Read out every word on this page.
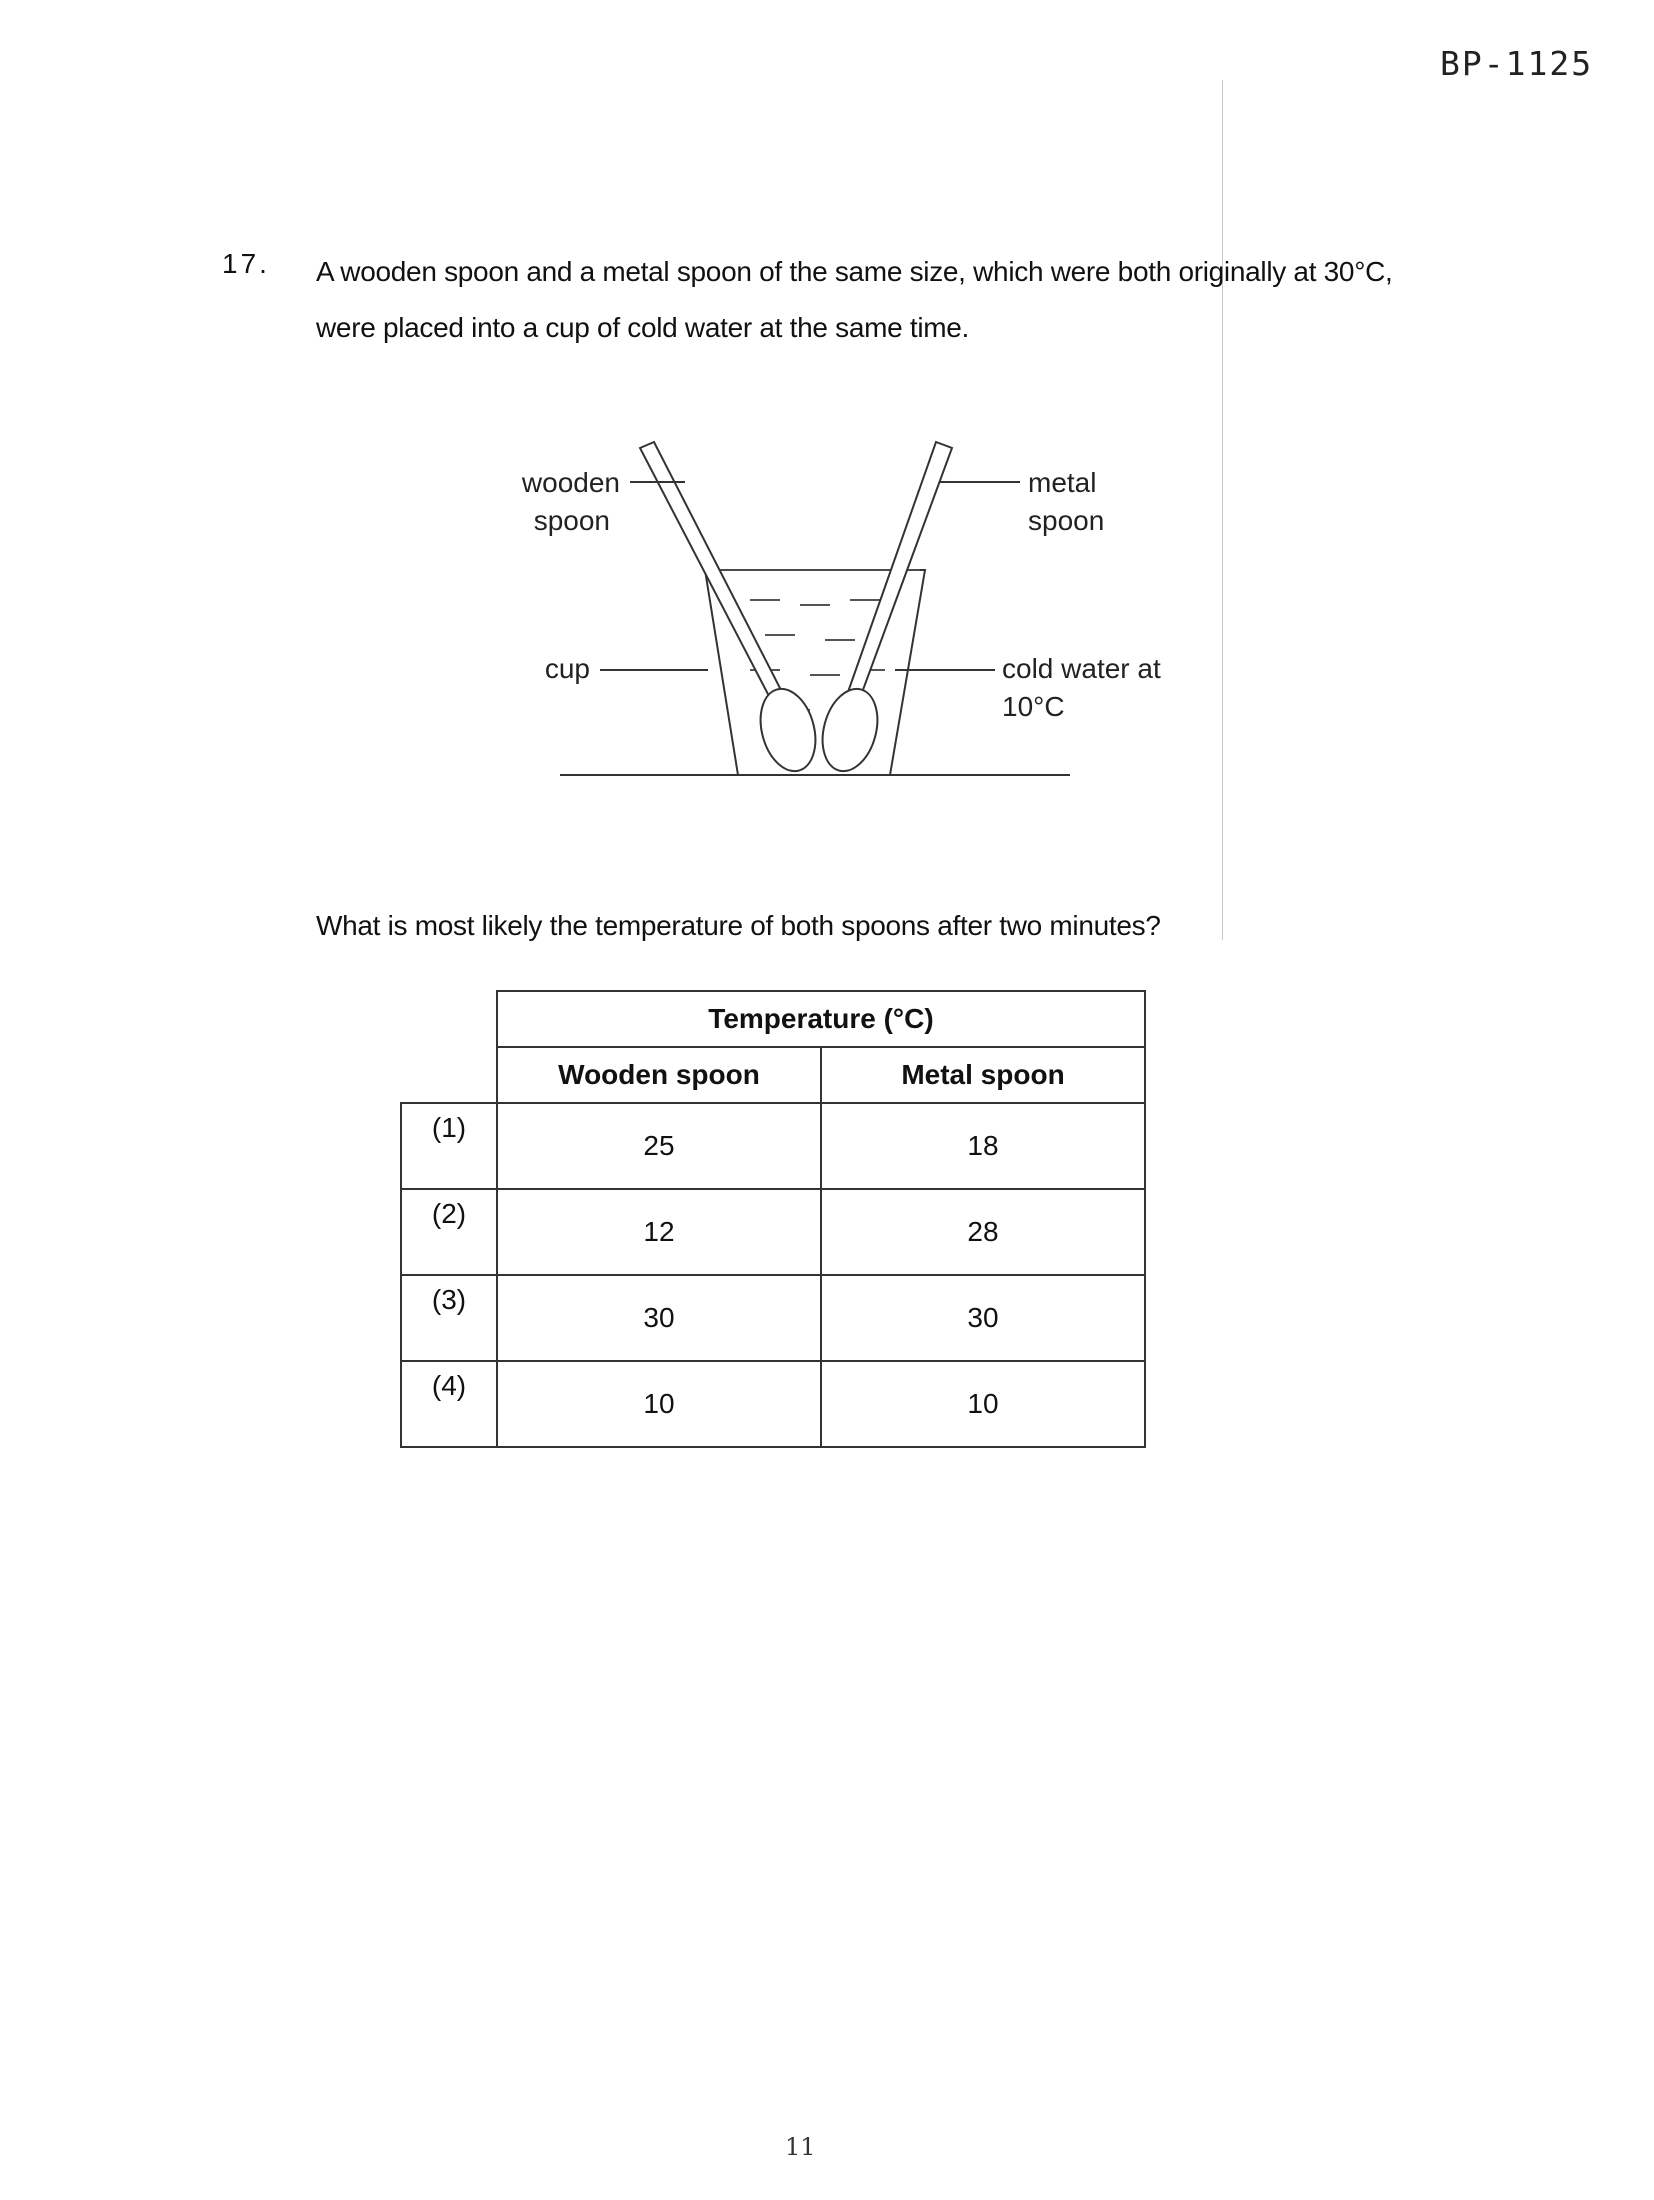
BP-1125
17. A wooden spoon and a metal spoon of the same size, which were both originally at 30°C, were placed into a cup of cold water at the same time.
wooden
spoon
metal
spoon
cup	cold water at
10°C
What is most likely the temperature of both spoons after two minutes?
	Temperature (°C)	
	Wooden spoon	Metal spoon
(1)	25	18
(2)	12	28
(3)	30	30
(4)	10	10
11
